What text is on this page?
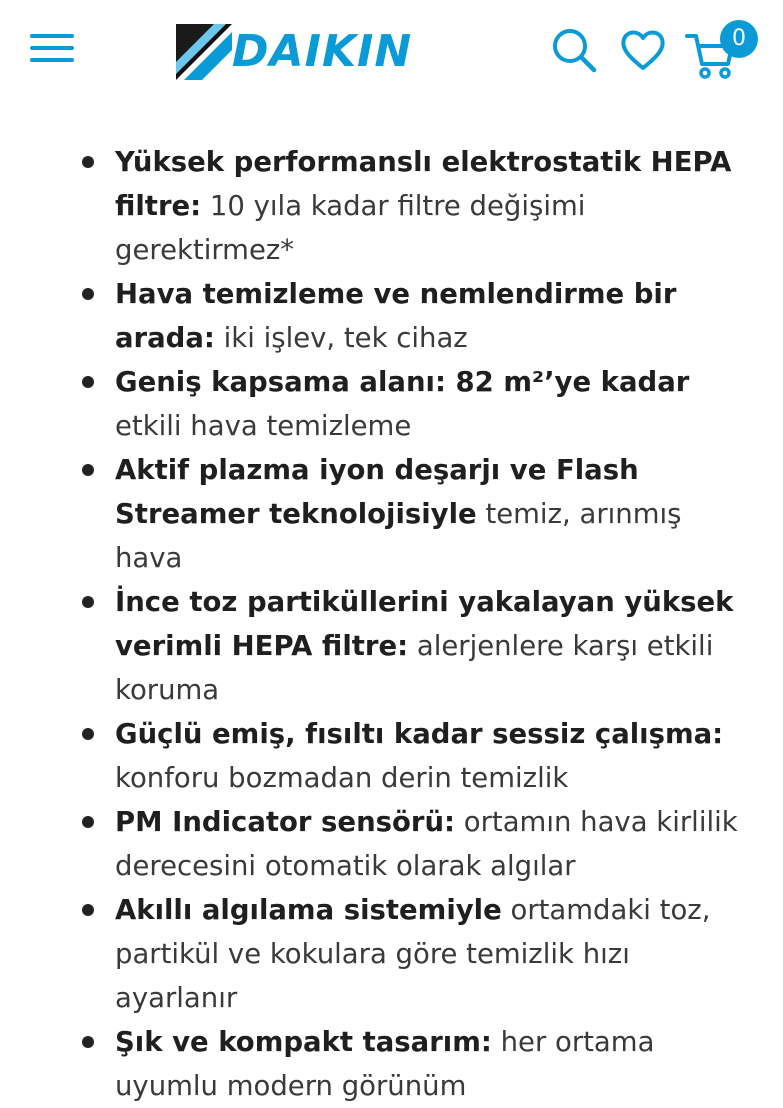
DAIKIN	0
Yüksek performanslı elektrostatik HEPA filtre: 10 yıla kadar filtre değişimi gerektirmez*
Hava temizleme ve nemlendirme bir arada: iki işlev, tek cihaz
Geniş kapsama alanı: 82 m²’ye kadar etkili hava temizleme
Aktif plazma iyon deşarjı ve Flash Streamer teknolojisiyle temiz, arınmış hava
İnce toz partiküllerini yakalayan yüksek verimli HEPA filtre: alerjenlere karşı etkili koruma
Güçlü emiş, fısıltı kadar sessiz çalışma: konforu bozmadan derin temizlik
PM Indicator sensörü: ortamın hava kirlilik derecesini otomatik olarak algılar
Akıllı algılama sistemiyle ortamdaki toz, partikül ve kokulara göre temizlik hızı ayarlanır
Şık ve kompakt tasarım: her ortama uyumlu modern görünüm
